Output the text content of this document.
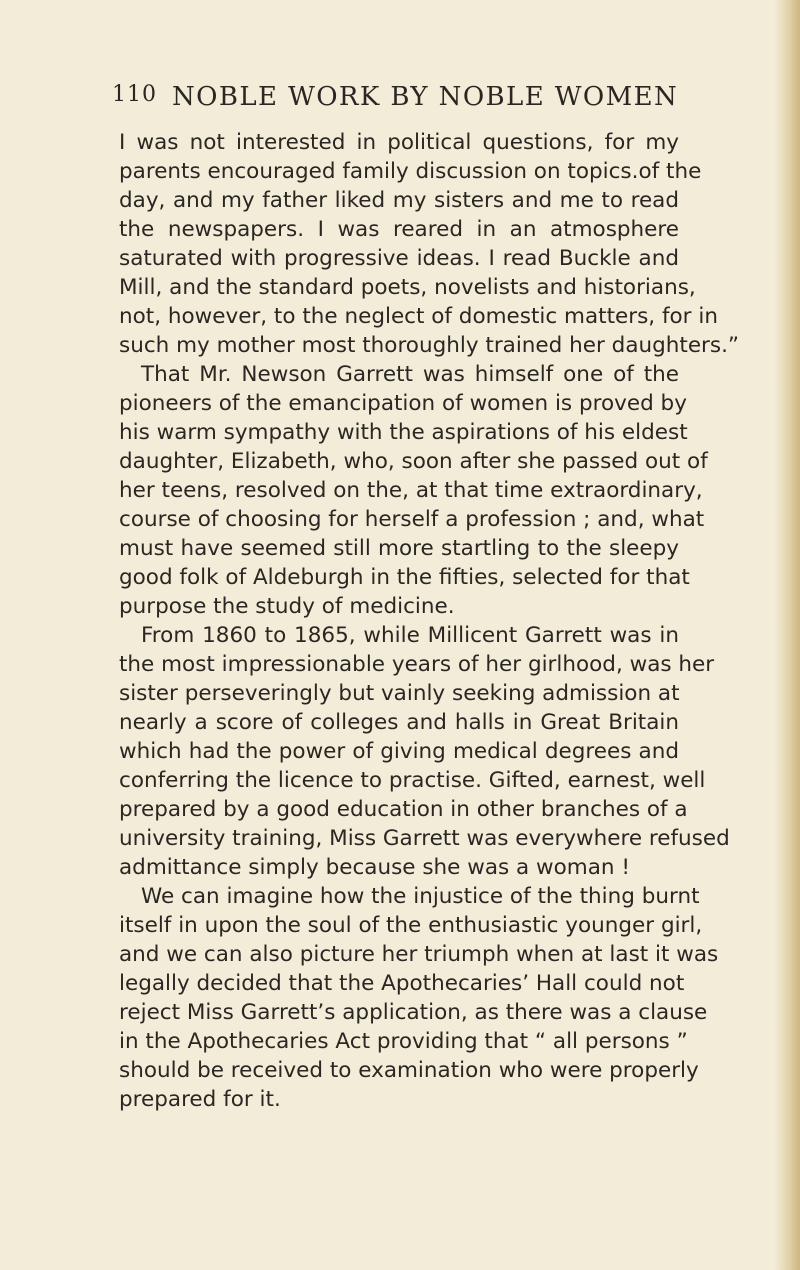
110 NOBLE WORK BY NOBLE WOMEN
I was not interested in political questions, for my
parents encouraged family discussion on topics.of the
day, and my father liked my sisters and me to read
the newspapers. I was reared in an atmosphere
saturated with progressive ideas. I read Buckle and
Mill, and the standard poets, novelists and historians,
not, however, to the neglect of domestic matters, for in
such my mother most thoroughly trained her daughters.”
That Mr. Newson Garrett was himself one of the
pioneers of the emancipation of women is proved by
his warm sympathy with the aspirations of his eldest
daughter, Elizabeth, who, soon after she passed out of
her teens, resolved on the, at that time extraordinary,
course of choosing for herself a profession ; and, what
must have seemed still more startling to the sleepy
good folk of Aldeburgh in the fifties, selected for that
purpose the study of medicine.
From 1860 to 1865, while Millicent Garrett was in
the most impressionable years of her girlhood, was her
sister perseveringly but vainly seeking admission at
nearly a score of colleges and halls in Great Britain
which had the power of giving medical degrees and
conferring the licence to practise. Gifted, earnest, well
prepared by a good education in other branches of a
university training, Miss Garrett was everywhere refused
admittance simply because she was a woman !
We can imagine how the injustice of the thing burnt
itself in upon the soul of the enthusiastic younger girl,
and we can also picture her triumph when at last it was
legally decided that the Apothecaries’ Hall could not
reject Miss Garrett’s application, as there was a clause
in the Apothecaries Act providing that “ all persons ”
should be received to examination who were properly
prepared for it.
